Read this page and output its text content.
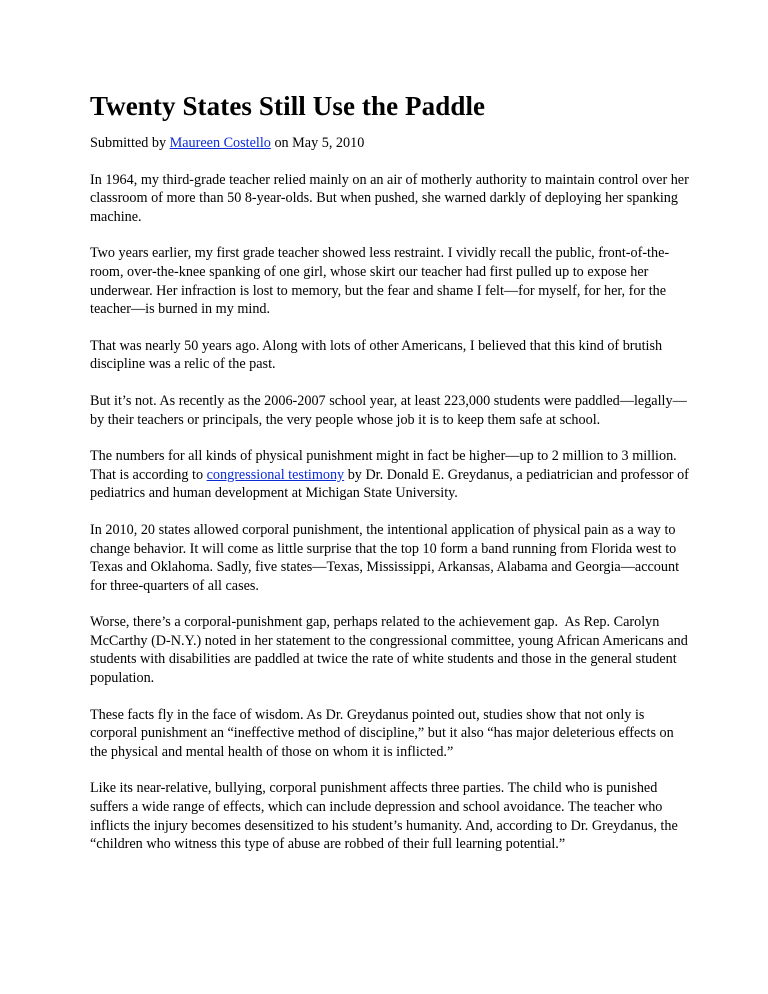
Twenty States Still Use the Paddle
Submitted by Maureen Costello on May 5, 2010

In 1964, my third-grade teacher relied mainly on an air of motherly authority to maintain control over her classroom of more than 50 8-year-olds. But when pushed, she warned darkly of deploying her spanking machine.

Two years earlier, my first grade teacher showed less restraint. I vividly recall the public, front-of-the-room, over-the-knee spanking of one girl, whose skirt our teacher had first pulled up to expose her underwear. Her infraction is lost to memory, but the fear and shame I felt—for myself, for her, for the teacher—is burned in my mind.

That was nearly 50 years ago. Along with lots of other Americans, I believed that this kind of brutish discipline was a relic of the past.

But it’s not. As recently as the 2006-2007 school year, at least 223,000 students were paddled—legally—by their teachers or principals, the very people whose job it is to keep them safe at school.

The numbers for all kinds of physical punishment might in fact be higher—up to 2 million to 3 million. That is according to congressional testimony by Dr. Donald E. Greydanus, a pediatrician and professor of pediatrics and human development at Michigan State University.

In 2010, 20 states allowed corporal punishment, the intentional application of physical pain as a way to change behavior. It will come as little surprise that the top 10 form a band running from Florida west to Texas and Oklahoma. Sadly, five states—Texas, Mississippi, Arkansas, Alabama and Georgia—account for three-quarters of all cases.

Worse, there’s a corporal-punishment gap, perhaps related to the achievement gap.  As Rep. Carolyn McCarthy (D-N.Y.) noted in her statement to the congressional committee, young African Americans and students with disabilities are paddled at twice the rate of white students and those in the general student population.

These facts fly in the face of wisdom. As Dr. Greydanus pointed out, studies show that not only is corporal punishment an “ineffective method of discipline,” but it also “has major deleterious effects on the physical and mental health of those on whom it is inflicted.”

Like its near-relative, bullying, corporal punishment affects three parties. The child who is punished suffers a wide range of effects, which can include depression and school avoidance. The teacher who inflicts the injury becomes desensitized to his student’s humanity. And, according to Dr. Greydanus, the “children who witness this type of abuse are robbed of their full learning potential.”
